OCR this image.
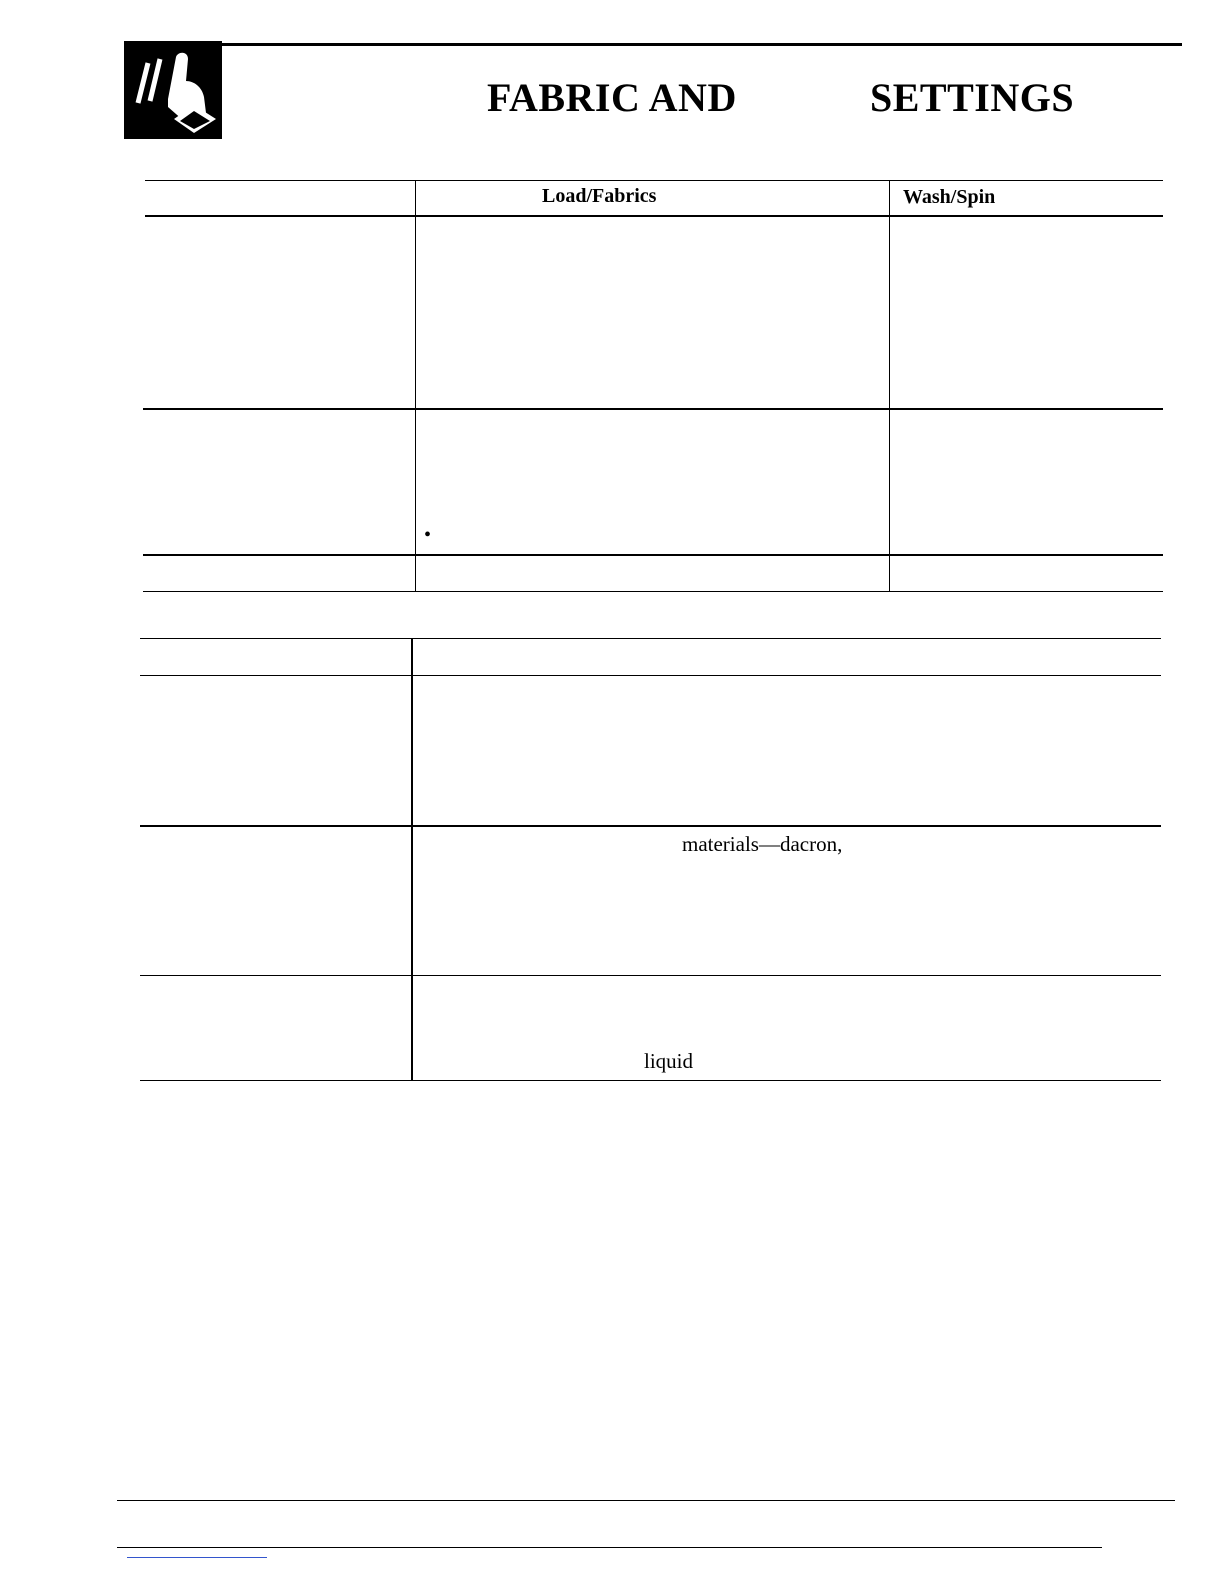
FABRIC AND	SETTINGS
Load/Fabrics	Wash/Spin
•
materials—dacron,
liquid
